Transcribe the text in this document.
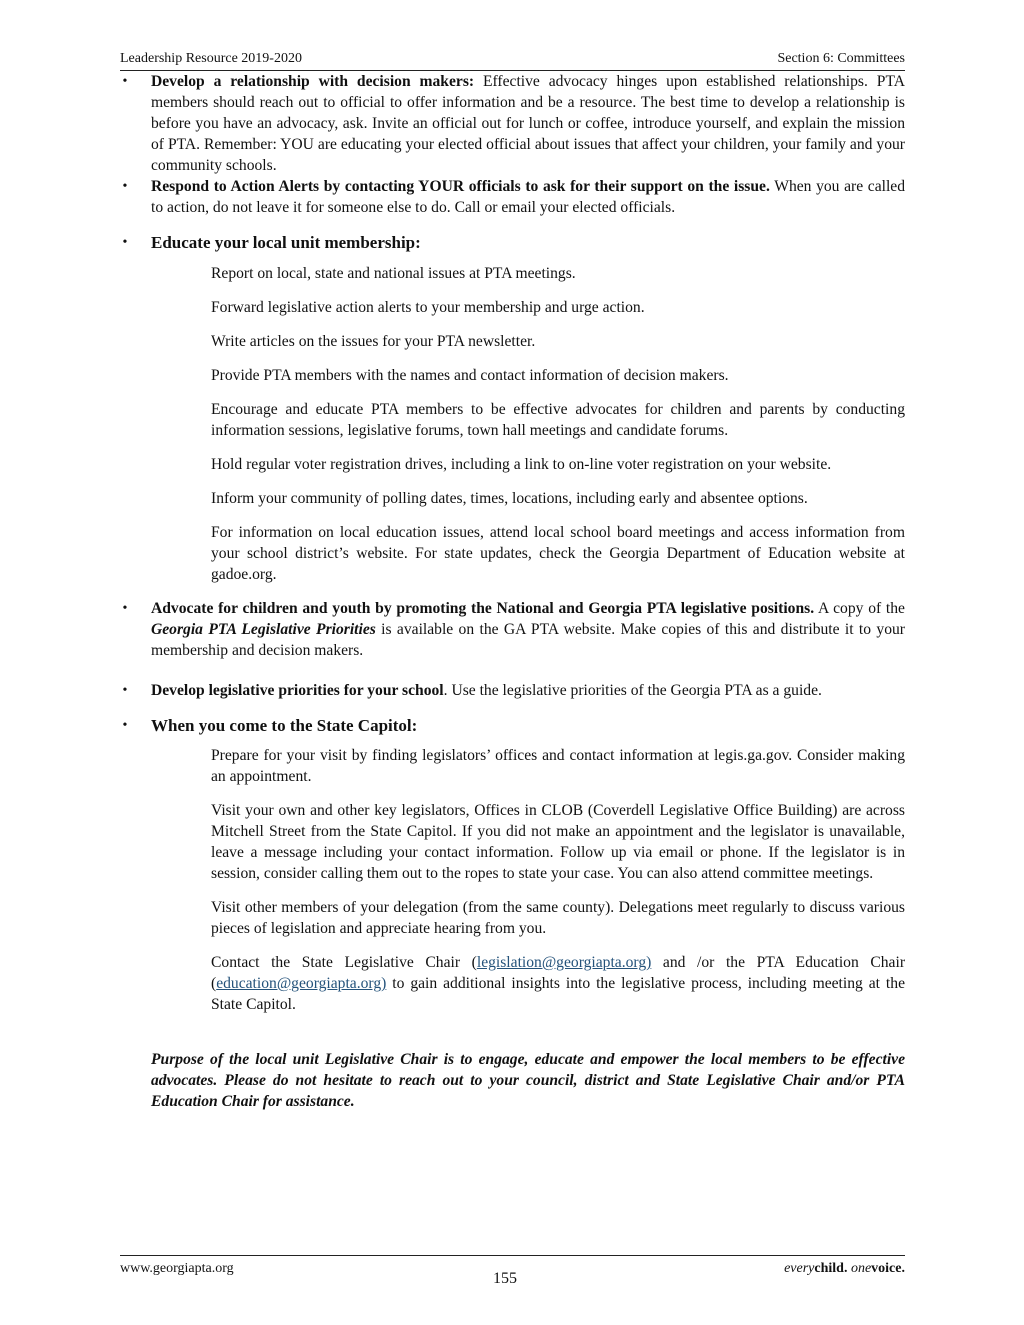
Leadership Resource 2019-2020	Section 6: Committees
• Develop a relationship with decision makers: Effective advocacy hinges upon established relationships. PTA members should reach out to official to offer information and be a resource. The best time to develop a relationship is before you have an advocacy, ask. Invite an official out for lunch or coffee, introduce yourself, and explain the mission of PTA. Remember: YOU are educating your elected official about issues that affect your children, your family and your community schools.
• Respond to Action Alerts by contacting YOUR officials to ask for their support on the issue. When you are called to action, do not leave it for someone else to do. Call or email your elected officials.
• Educate your local unit membership:
Report on local, state and national issues at PTA meetings.
Forward legislative action alerts to your membership and urge action.
Write articles on the issues for your PTA newsletter.
Provide PTA members with the names and contact information of decision makers.
Encourage and educate PTA members to be effective advocates for children and parents by conducting information sessions, legislative forums, town hall meetings and candidate forums.
Hold regular voter registration drives, including a link to on-line voter registration on your website.
Inform your community of polling dates, times, locations, including early and absentee options.
For information on local education issues, attend local school board meetings and access information from your school district’s website. For state updates, check the Georgia Department of Education website at gadoe.org.
• Advocate for children and youth by promoting the National and Georgia PTA legislative positions. A copy of the Georgia PTA Legislative Priorities is available on the GA PTA website. Make copies of this and distribute it to your membership and decision makers.
• Develop legislative priorities for your school. Use the legislative priorities of the Georgia PTA as a guide.
• When you come to the State Capitol:
Prepare for your visit by finding legislators’ offices and contact information at legis.ga.gov. Consider making an appointment.
Visit your own and other key legislators, Offices in CLOB (Coverdell Legislative Office Building) are across Mitchell Street from the State Capitol. If you did not make an appointment and the legislator is unavailable, leave a message including your contact information. Follow up via email or phone. If the legislator is in session, consider calling them out to the ropes to state your case. You can also attend committee meetings.
Visit other members of your delegation (from the same county). Delegations meet regularly to discuss various pieces of legislation and appreciate hearing from you.
Contact the State Legislative Chair (legislation@georgiapta.org) and /or the PTA Education Chair (education@georgiapta.org) to gain additional insights into the legislative process, including meeting at the State Capitol.
Purpose of the local unit Legislative Chair is to engage, educate and empower the local members to be effective advocates. Please do not hesitate to reach out to your council, district and State Legislative Chair and/or PTA Education Chair for assistance.
www.georgiapta.org
155
everychild. onevoice.
